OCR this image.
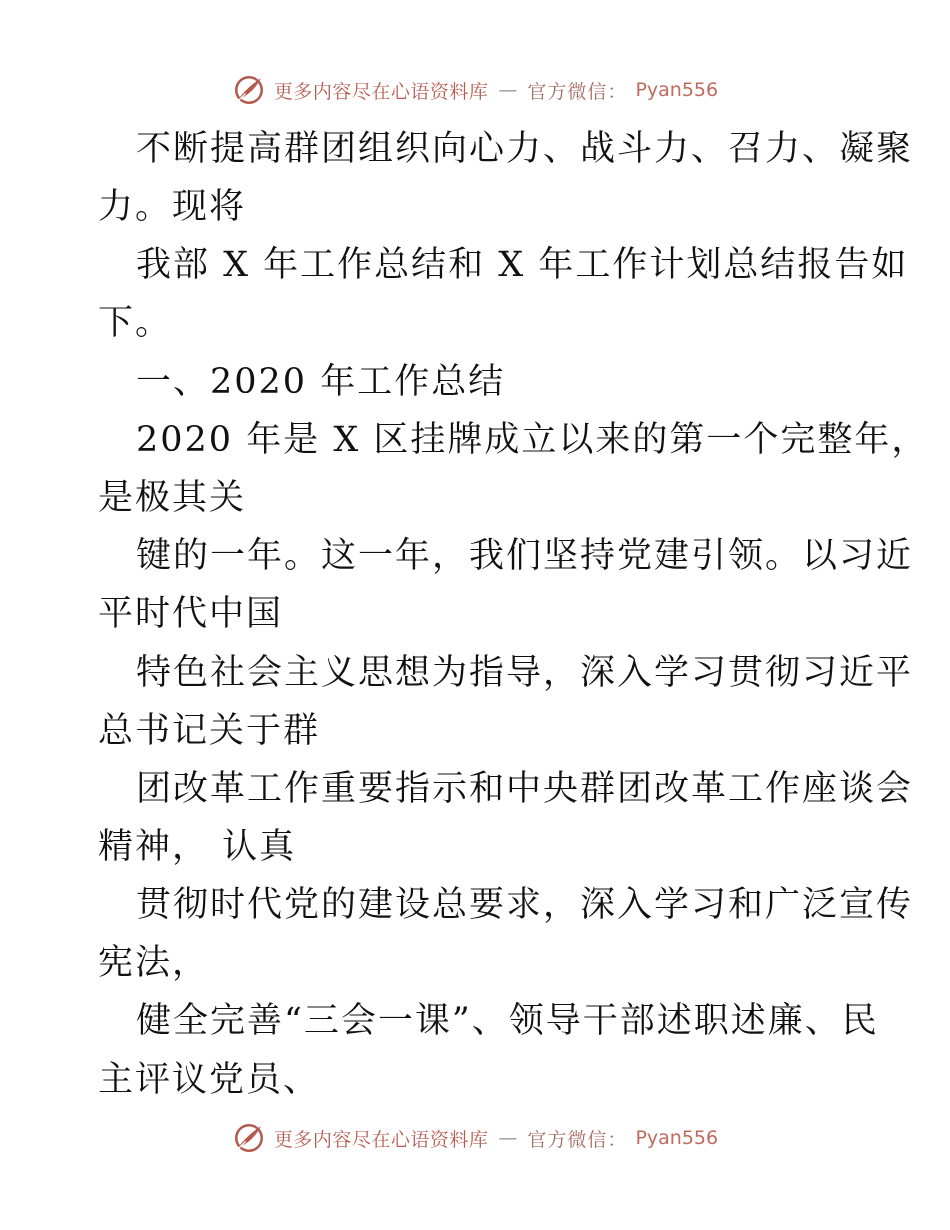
更多内容尽在心语资料库 — 官方微信： Pyan556
不断提高群团组织向心力、战斗力、召力、凝聚
力。现将
我部 X 年工作总结和 X 年工作计划总结报告如
下。
一、2020 年工作总结
2020 年是 X 区挂牌成立以来的第一个完整年，
是极其关
键的一年。这一年，我们坚持党建引领。以习近
平时代中国
特色社会主义思想为指导，深入学习贯彻习近平
总书记关于群
团改革工作重要指示和中央群团改革工作座谈会
精神， 认真
贯彻时代党的建设总要求，深入学习和广泛宣传
宪法，
健全完善“三会一课”、领导干部述职述廉、民
主评议党员、
更多内容尽在心语资料库 — 官方微信： Pyan556
